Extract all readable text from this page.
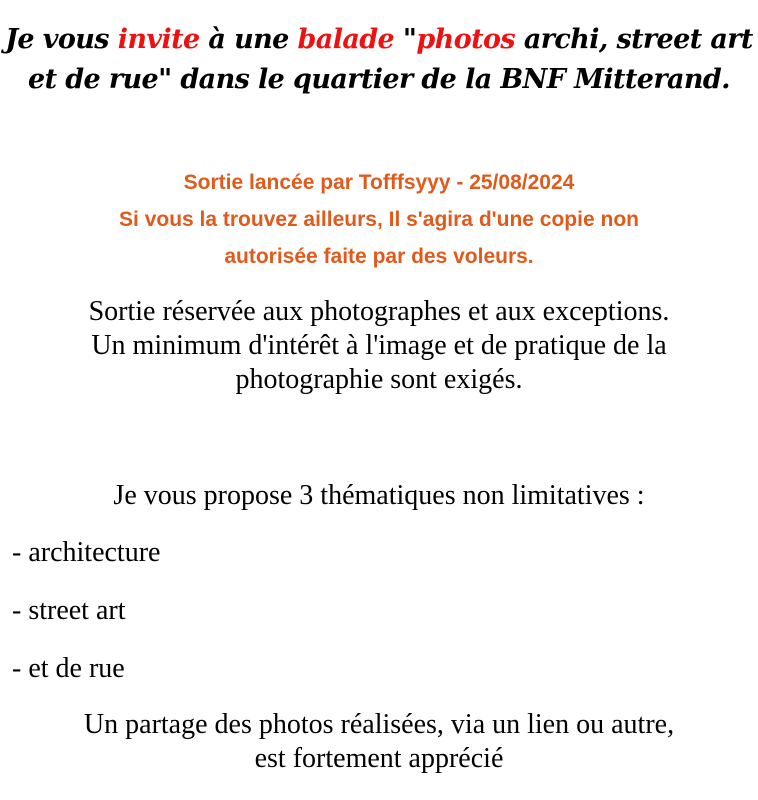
Je vous invite à une balade "photos archi, street art
et de rue" dans le quartier de la BNF Mitterand.
Sortie lancée par Tofffsyyy - 25/08/2024
Si vous la trouvez ailleurs, Il s'agira d'une copie non
autorisée faite par des voleurs.
Sortie réservée aux photographes et aux exceptions.
Un minimum d'intérêt à l'image et de pratique de la
photographie sont exigés.
Je vous propose 3 thématiques non limitatives :
- architecture
- street art
- et de rue
Un partage des photos réalisées, via un lien ou autre,
est fortement apprécié
